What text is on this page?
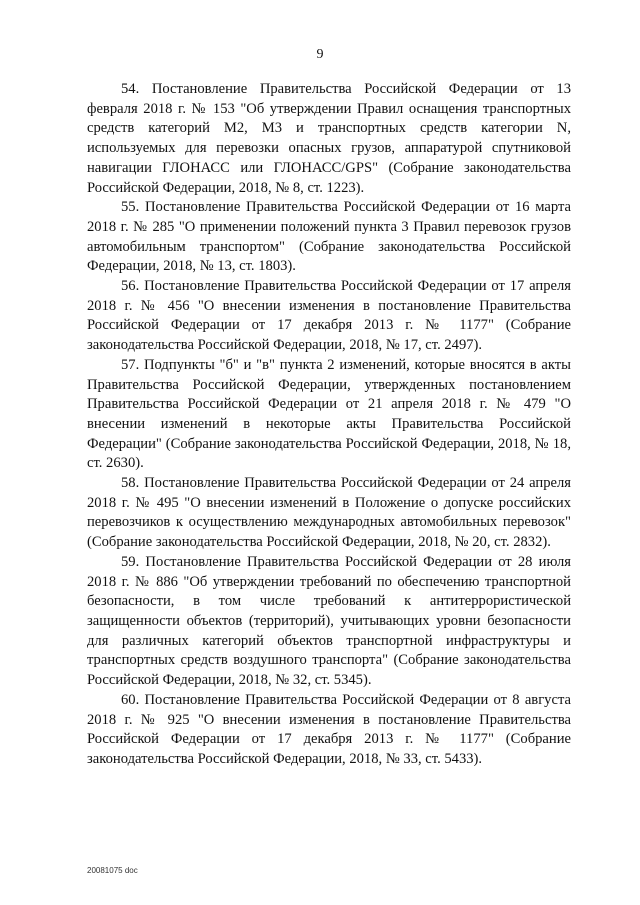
9

54. Постановление Правительства Российской Федерации от 13 февраля 2018 г. № 153 "Об утверждении Правил оснащения транспортных средств категорий М2, М3 и транспортных средств категории N, используемых для перевозки опасных грузов, аппаратурой спутниковой навигации ГЛОНАСС или ГЛОНАСС/GPS" (Собрание законодательства Российской Федерации, 2018, № 8, ст. 1223).

55. Постановление Правительства Российской Федерации от 16 марта 2018 г. № 285 "О применении положений пункта 3 Правил перевозок грузов автомобильным транспортом" (Собрание законодательства Российской Федерации, 2018, № 13, ст. 1803).

56. Постановление Правительства Российской Федерации от 17 апреля 2018 г. № 456 "О внесении изменения в постановление Правительства Российской Федерации от 17 декабря 2013 г. № 1177" (Собрание законодательства Российской Федерации, 2018, № 17, ст. 2497).

57. Подпункты "б" и "в" пункта 2 изменений, которые вносятся в акты Правительства Российской Федерации, утвержденных постановлением Правительства Российской Федерации от 21 апреля 2018 г. № 479 "О внесении изменений в некоторые акты Правительства Российской Федерации" (Собрание законодательства Российской Федерации, 2018, № 18, ст. 2630).

58. Постановление Правительства Российской Федерации от 24 апреля 2018 г. № 495 "О внесении изменений в Положение о допуске российских перевозчиков к осуществлению международных автомобильных перевозок" (Собрание законодательства Российской Федерации, 2018, № 20, ст. 2832).

59. Постановление Правительства Российской Федерации от 28 июля 2018 г. № 886 "Об утверждении требований по обеспечению транспортной безопасности, в том числе требований к антитеррористической защищенности объектов (территорий), учитывающих уровни безопасности для различных категорий объектов транспортной инфраструктуры и транспортных средств воздушного транспорта" (Собрание законодательства Российской Федерации, 2018, № 32, ст. 5345).

60. Постановление Правительства Российской Федерации от 8 августа 2018 г. № 925 "О внесении изменения в постановление Правительства Российской Федерации от 17 декабря 2013 г. № 1177" (Собрание законодательства Российской Федерации, 2018, № 33, ст. 5433).

20081075 doc
